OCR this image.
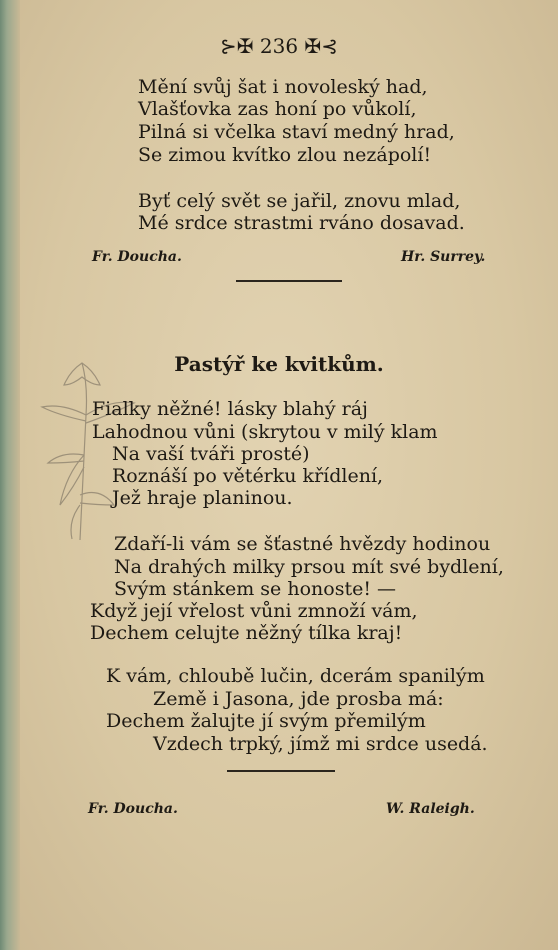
⊱✠ 236 ✠⊰
Mění svůj šat i novoleský had,
Vlašťovka zas honí po vůkolí,
Pilná si včelka staví medný hrad,
Se zimou kvítko zlou nezápolí!
Byť celý svět se jařil, znovu mlad,
Mé srdce strastmi rváno dosavad.
Fr. Doucha.	Hr. Surrey.
Pastýř ke kvitkům.
Fialky něžné! lásky blahý ráj
Lahodnou vůni (skrytou v milý klam
Na vaší tváři prosté)
Roznáší po větérku křídlení,
Jež hraje planinou.
Zdaří-li vám se šťastné hvězdy hodinou
Na drahých milky prsou mít své bydlení,
Svým stánkem se honoste! —
Když její vřelost vůni zmnoží vám,
Dechem celujte něžný tílka kraj!
K vám, chloubě lučin, dcerám spanilým
Země i Jasona, jde prosba má:
Dechem žalujte jí svým přemilým
Vzdech trpký, jímž mi srdce usedá.
Fr. Doucha.	W. Raleigh.
